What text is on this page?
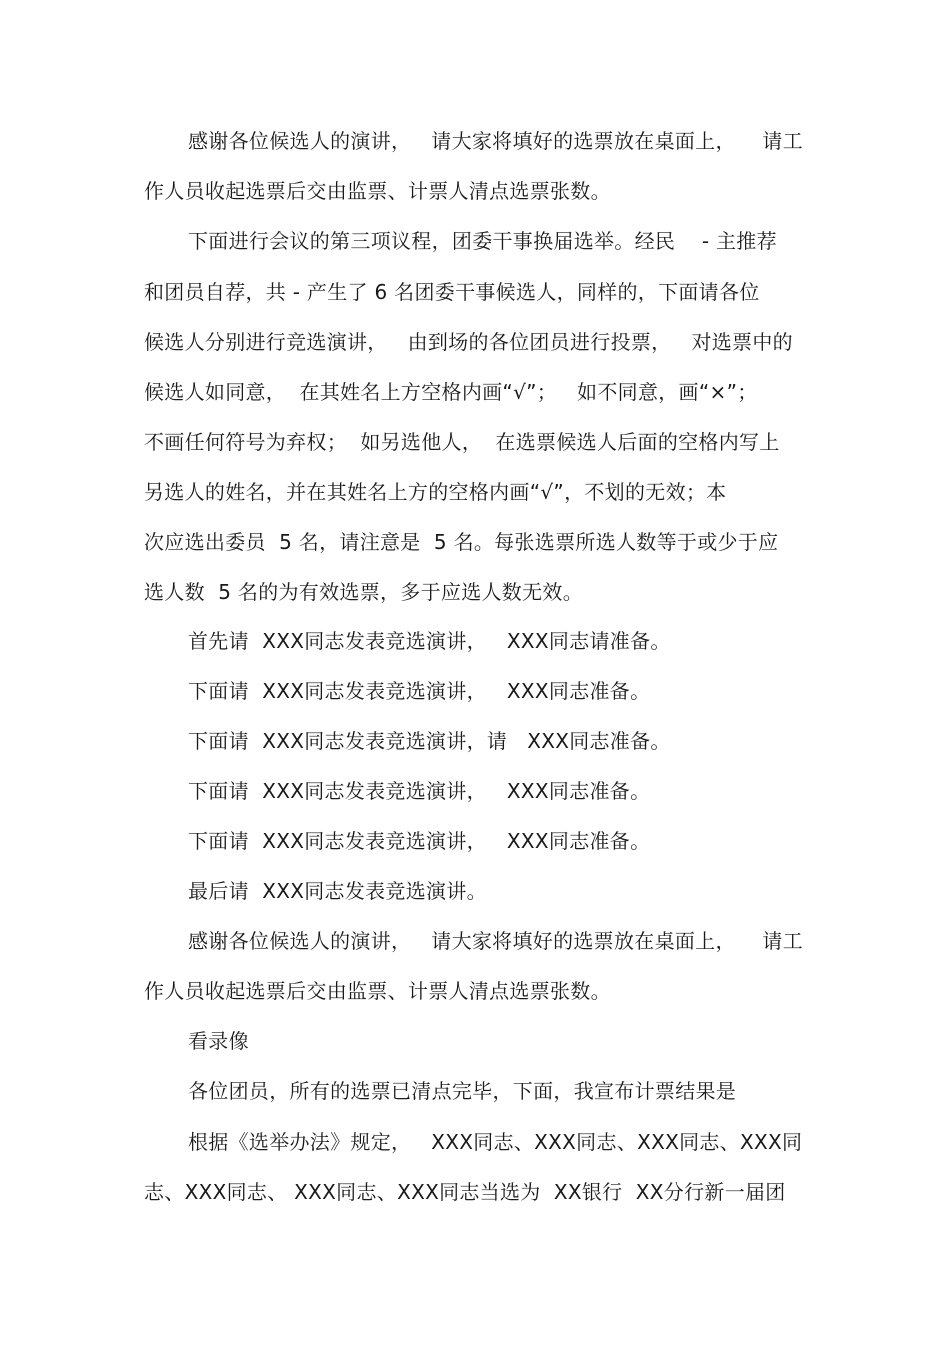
感谢各位候选人的演讲，   请大家将填好的选票放在桌面上，    请工
作人员收起选票后交由监票、计票人清点选票张数。
下面进行会议的第三项议程，团委干事换届选举。经民    - 主推荐
和团员自荐，共 - 产生了 6 名团委干事候选人，同样的，下面请各位
候选人分别进行竞选演讲，   由到场的各位团员进行投票，   对选票中的
候选人如同意，  在其姓名上方空格内画“√”；   如不同意，画“×”；
不画任何符号为弃权；  如另选他人，  在选票候选人后面的空格内写上
另选人的姓名，并在其姓名上方的空格内画“√”，不划的无效；本
次应选出委员  5 名，请注意是  5 名。每张选票所选人数等于或少于应
选人数  5 名的为有效选票，多于应选人数无效。
首先请  XXX同志发表竞选演讲，   XXX同志请准备。
下面请  XXX同志发表竞选演讲，   XXX同志准备。
下面请  XXX同志发表竞选演讲，请   XXX同志准备。
下面请  XXX同志发表竞选演讲，   XXX同志准备。
下面请  XXX同志发表竞选演讲，   XXX同志准备。
最后请  XXX同志发表竞选演讲。
感谢各位候选人的演讲，   请大家将填好的选票放在桌面上，    请工
作人员收起选票后交由监票、计票人清点选票张数。
看录像
各位团员，所有的选票已清点完毕，下面，我宣布计票结果是
根据《选举办法》规定，   XXX同志、XXX同志、XXX同志、XXX同
志、XXX同志、 XXX同志、XXX同志当选为  XX银行  XX分行新一届团
